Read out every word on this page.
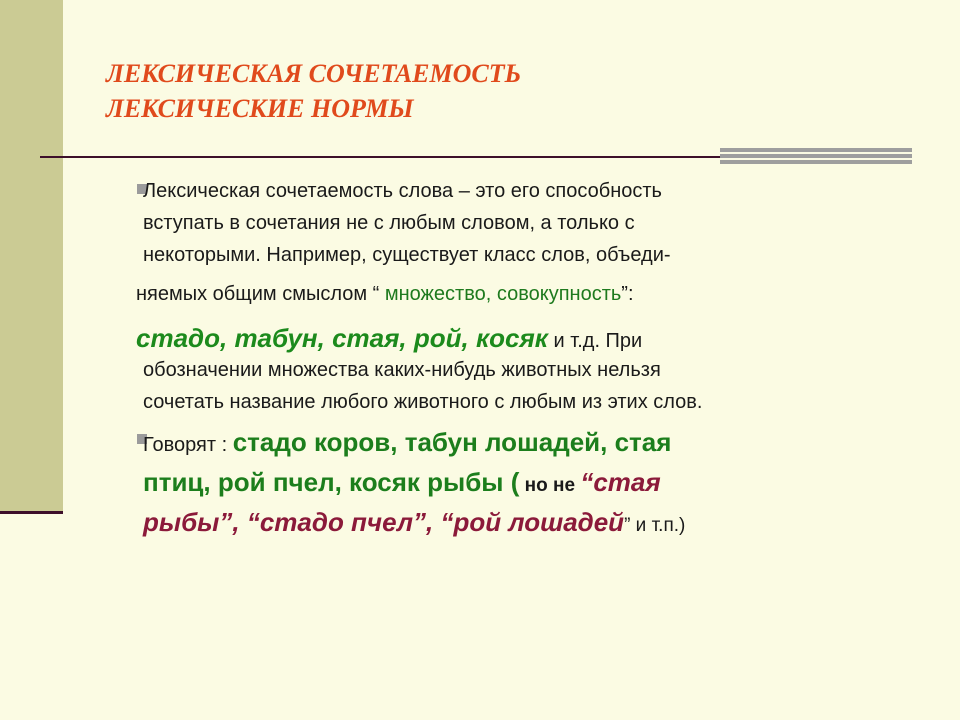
ЛЕКСИЧЕСКАЯ СОЧЕТАЕМОСТЬ
ЛЕКСИЧЕСКИЕ НОРМЫ

Лексическая сочетаемость слова – это его способность

вступать в сочетания не с любым словом, а только с

некоторыми. Например, существует класс слов, объеди-

няемых общим смыслом “ множество, совокупность”:

стадо, табун, стая, рой, косяк и т.д. При

обозначении множества каких-нибудь животных нельзя

сочетать название любого животного с любым из этих слов.

Говорят : стадо коров, табун лошадей, стая

птиц, рой пчел, косяк рыбы ( но не “стая

рыбы”, “стадо пчел”, “рой лошадей” и т.п.)
